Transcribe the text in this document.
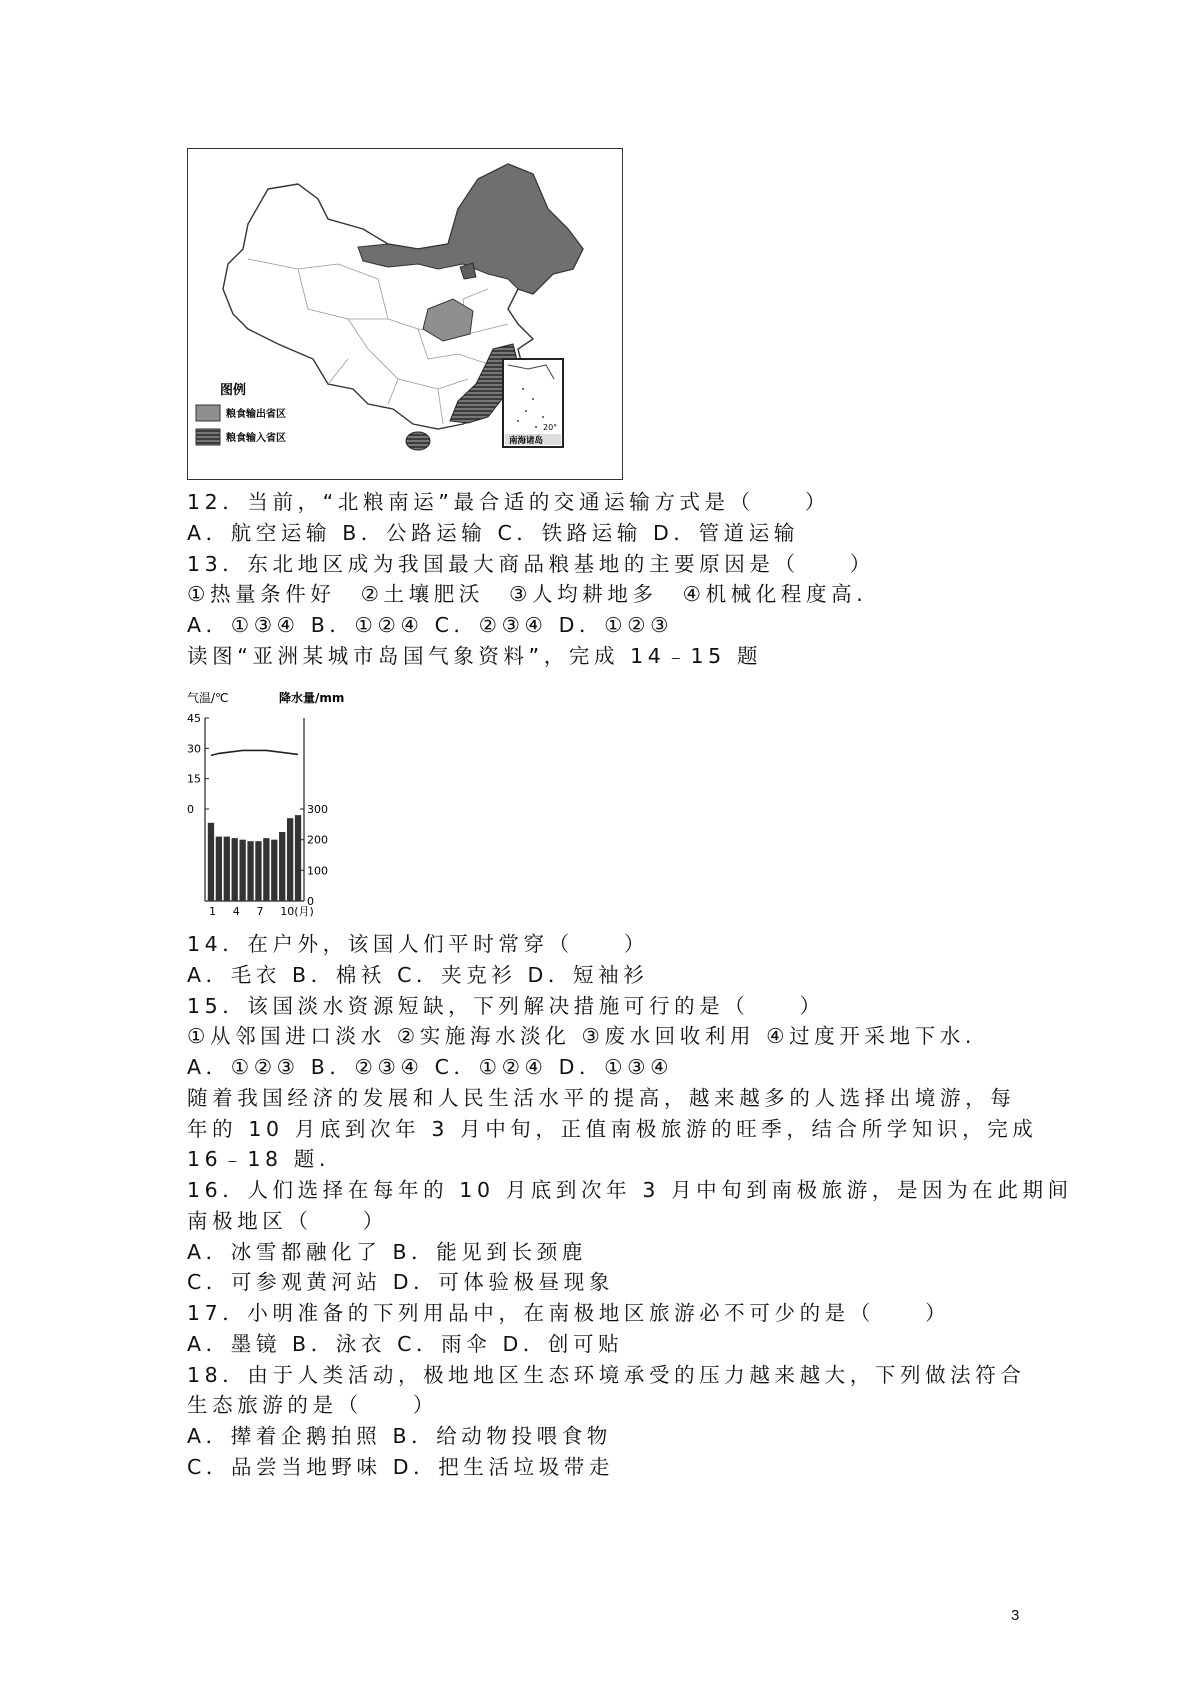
图例
粮食输出省区
粮食输入省区
20°
南海诸岛
12．当前，“北粮南运”最合适的交通运输方式是（　　）
A．航空运输 B．公路运输 C．铁路运输 D．管道运输
13．东北地区成为我国最大商品粮基地的主要原因是（　　）
①热量条件好　②土壤肥沃　③人均耕地多　④机械化程度高.
A．①③④ B．①②④ C．②③④ D．①②③
读图“亚洲某城市岛国气象资料”，完成 14﹣15 题
气温/℃	降水量/mm
45
30
15
0	300
200
100
0
1 4 7 10(月)
14．在户外，该国人们平时常穿（　　）
A．毛衣 B．棉袄 C．夹克衫 D．短袖衫
15．该国淡水资源短缺，下列解决措施可行的是（　　）
①从邻国进口淡水 ②实施海水淡化 ③废水回收利用 ④过度开采地下水.
A．①②③ B．②③④ C．①②④ D．①③④
随着我国经济的发展和人民生活水平的提高，越来越多的人选择出境游，每
年的 10 月底到次年 3 月中旬，正值南极旅游的旺季，结合所学知识，完成
16﹣18 题.
16．人们选择在每年的 10 月底到次年 3 月中旬到南极旅游，是因为在此期间
南极地区（　　）
A．冰雪都融化了 B．能见到长颈鹿
C．可参观黄河站 D．可体验极昼现象
17．小明准备的下列用品中，在南极地区旅游必不可少的是（　　）
A．墨镜 B．泳衣 C．雨伞 D．创可贴
18．由于人类活动，极地地区生态环境承受的压力越来越大，下列做法符合
生态旅游的是（　　）
A．撵着企鹅拍照 B．给动物投喂食物
C．品尝当地野味 D．把生活垃圾带走
3
